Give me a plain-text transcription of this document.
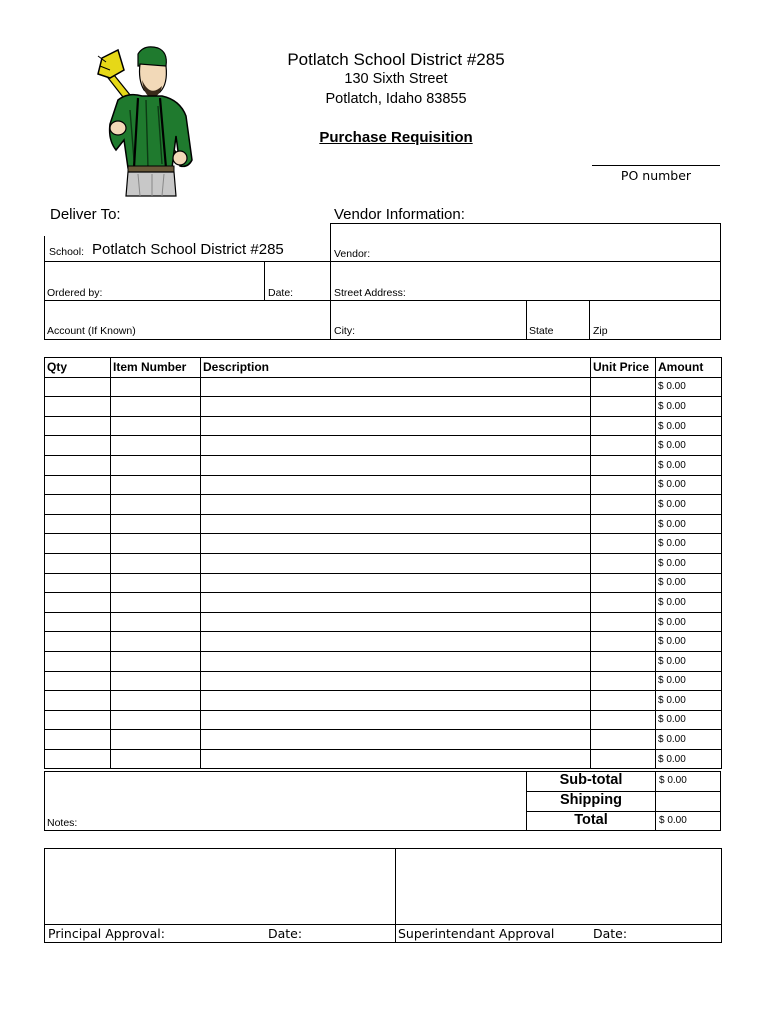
Potlatch School District #285
130 Sixth Street
Potlatch, Idaho 83855
Purchase Requisition
PO number
Deliver To:	Vendor Information:
School: Potlatch School District #285
Ordered by:	Date:
Account (If Known)
Vendor:
Street Address:
City:	State	Zip
Qty	Item Number	Description	Unit Price	Amount
				$ 0.00
				$ 0.00
				$ 0.00
				$ 0.00
				$ 0.00
				$ 0.00
				$ 0.00
				$ 0.00
				$ 0.00
				$ 0.00
				$ 0.00
				$ 0.00
				$ 0.00
				$ 0.00
				$ 0.00
				$ 0.00
				$ 0.00
				$ 0.00
				$ 0.00
				$ 0.00
Sub-total	$ 0.00
Shipping
Total	$ 0.00
Notes:
Principal Approval:	Date:	Superintendant Approval	Date:
